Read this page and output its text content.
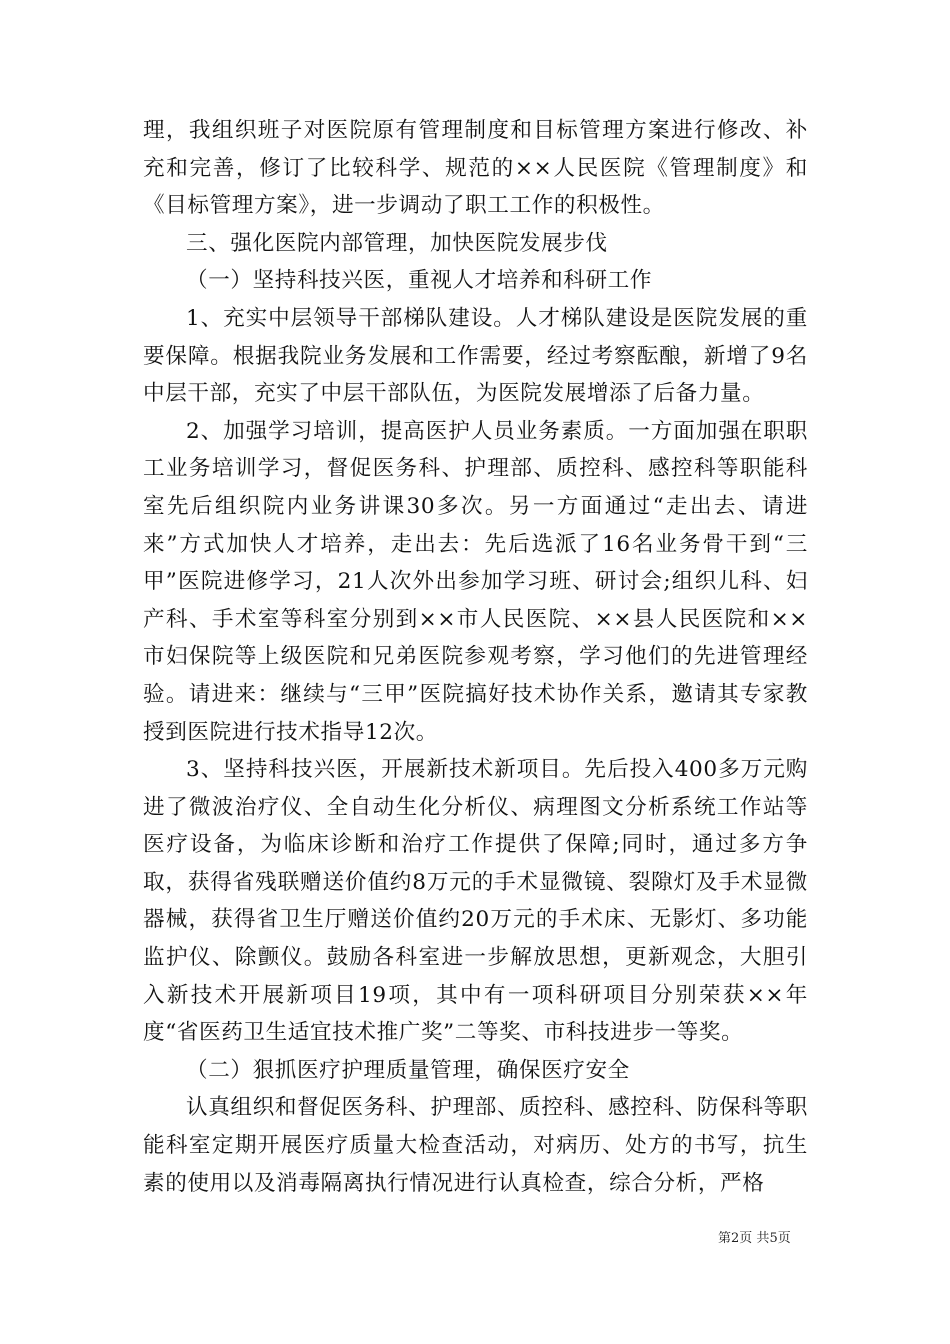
理，我组织班子对医院原有管理制度和目标管理方案进行修改、补充和完善，修订了比较科学、规范的××人民医院《管理制度》和《目标管理方案》，进一步调动了职工工作的积极性。

三、强化医院内部管理，加快医院发展步伐

（一）坚持科技兴医，重视人才培养和科研工作

1、充实中层领导干部梯队建设。人才梯队建设是医院发展的重要保障。根据我院业务发展和工作需要，经过考察酝酿，新增了9名中层干部，充实了中层干部队伍，为医院发展增添了后备力量。

2、加强学习培训，提高医护人员业务素质。一方面加强在职职工业务培训学习，督促医务科、护理部、质控科、感控科等职能科室先后组织院内业务讲课30多次。另一方面通过“走出去、请进来”方式加快人才培养，走出去：先后选派了16名业务骨干到“三甲”医院进修学习，21人次外出参加学习班、研讨会;组织儿科、妇产科、手术室等科室分别到××市人民医院、××县人民医院和××市妇保院等上级医院和兄弟医院参观考察，学习他们的先进管理经验。请进来：继续与“三甲”医院搞好技术协作关系，邀请其专家教授到医院进行技术指导12次。

3、坚持科技兴医，开展新技术新项目。先后投入400多万元购进了微波治疗仪、全自动生化分析仪、病理图文分析系统工作站等医疗设备，为临床诊断和治疗工作提供了保障;同时，通过多方争取，获得省残联赠送价值约8万元的手术显微镜、裂隙灯及手术显微器械，获得省卫生厅赠送价值约20万元的手术床、无影灯、多功能监护仪、除颤仪。鼓励各科室进一步解放思想，更新观念，大胆引入新技术开展新项目19项，其中有一项科研项目分别荣获××年度“省医药卫生适宜技术推广奖”二等奖、市科技进步一等奖。

（二）狠抓医疗护理质量管理，确保医疗安全

认真组织和督促医务科、护理部、质控科、感控科、防保科等职能科室定期开展医疗质量大检查活动，对病历、处方的书写，抗生素的使用以及消毒隔离执行情况进行认真检查，综合分析，严格

第2页 共5页
